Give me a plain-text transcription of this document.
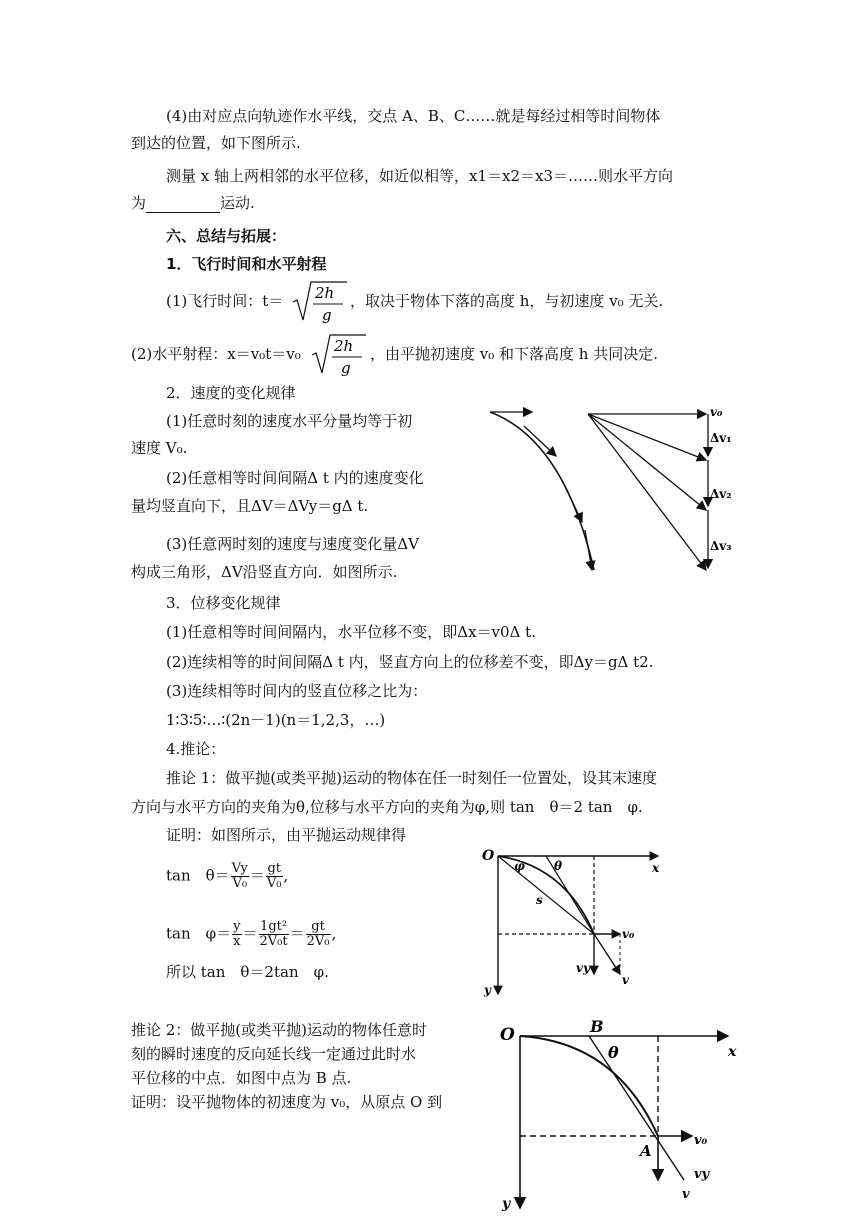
(4)由对应点向轨迹作水平线，交点 A、B、C……就是每经过相等时间物体
到达的位置，如下图所示.
测量 x 轴上两相邻的水平位移，如近似相等，x1＝x2＝x3＝……则水平方向
为	运动.
六、总结与拓展：
1．飞行时间和水平射程
(1)飞行时间：t＝ 2h
g
，取决于物体下落的高度 h，与初速度 v₀ 无关.
(2)水平射程：x＝v₀t＝v₀ 2h
g
，由平抛初速度 v₀ 和下落高度 h 共同决定.
2．速度的变化规律
(1)任意时刻的速度水平分量均等于初
速度 V₀.
(2)任意相等时间间隔Δ t 内的速度变化
量均竖直向下，且ΔV＝ΔVy＝gΔ t.
(3)任意两时刻的速度与速度变化量ΔV
构成三角形，ΔV沿竖直方向．如图所示.
v₀
Δv₁
Δv₂
Δv₃
3．位移变化规律
(1)任意相等时间间隔内，水平位移不变，即Δx＝v0Δ t.
(2)连续相等的时间间隔Δ t 内，竖直方向上的位移差不变，即Δy＝gΔ t2.
(3)连续相等时间内的竖直位移之比为：
1∶3∶5∶…∶(2n－1)(n＝1,2,3，…)
4.推论：
推论 1：做平抛(或类平抛)运动的物体在任一时刻任一位置处，设其末速度
方向与水平方向的夹角为θ,位移与水平方向的夹角为φ,则 tan　θ＝2 tan　φ.
证明：如图所示，由平抛运动规律得
tan　$\theta= \frac{Vy}{\text{V₀}} = \frac{gt}{\text{V₀}}$ ,
tan　$\varphi= \frac{y}{x} = \frac{\text{1gt²}}{\text{2V₀t}} = \frac{gt}{\text{2V₀}}$ ,
所以 tan　θ＝2tan　φ.
O
x
y
φ θ
s
v₀
vy
v
推论 2：做平抛(或类平抛)运动的物体任意时
刻的瞬时速度的反向延长线一定通过此时水
平位移的中点．如图中点为 B 点.
证明：设平抛物体的初速度为 v₀，从原点 O 到
O	B
θ	x
y
A
v₀
vy
v
